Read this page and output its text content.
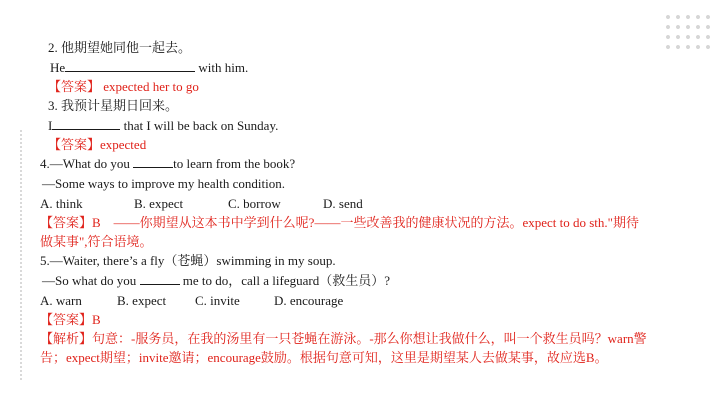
2. 他期望她同他一起去。
He	with him.
【答案】 expected her to go
3. 我预计星期日回来。
I	that I will be back on Sunday.
【答案】expected
4.—What do you	to learn from the book?
—Some ways to improve my health condition.
A. think	B. expect	C. borrow	D. send
【答案】B　——你期望从这本书中学到什么呢?——一些改善我的健康状况的方法。expect to do sth."期待
做某事",符合语境。
5.—Waiter, there’s a fly（苍蝇）swimming in my soup.
—So what do you	me to do，call a lifeguard（救生员）?
A. warn	B. expect C. invite	D. encourage
【答案】B
【解析】句意：-服务员，在我的汤里有一只苍蝇在游泳。-那么你想让我做什么，叫一个救生员吗？warn警
告；expect期望；invite邀请；encourage鼓励。根据句意可知，这里是期望某人去做某事，故应选B。
